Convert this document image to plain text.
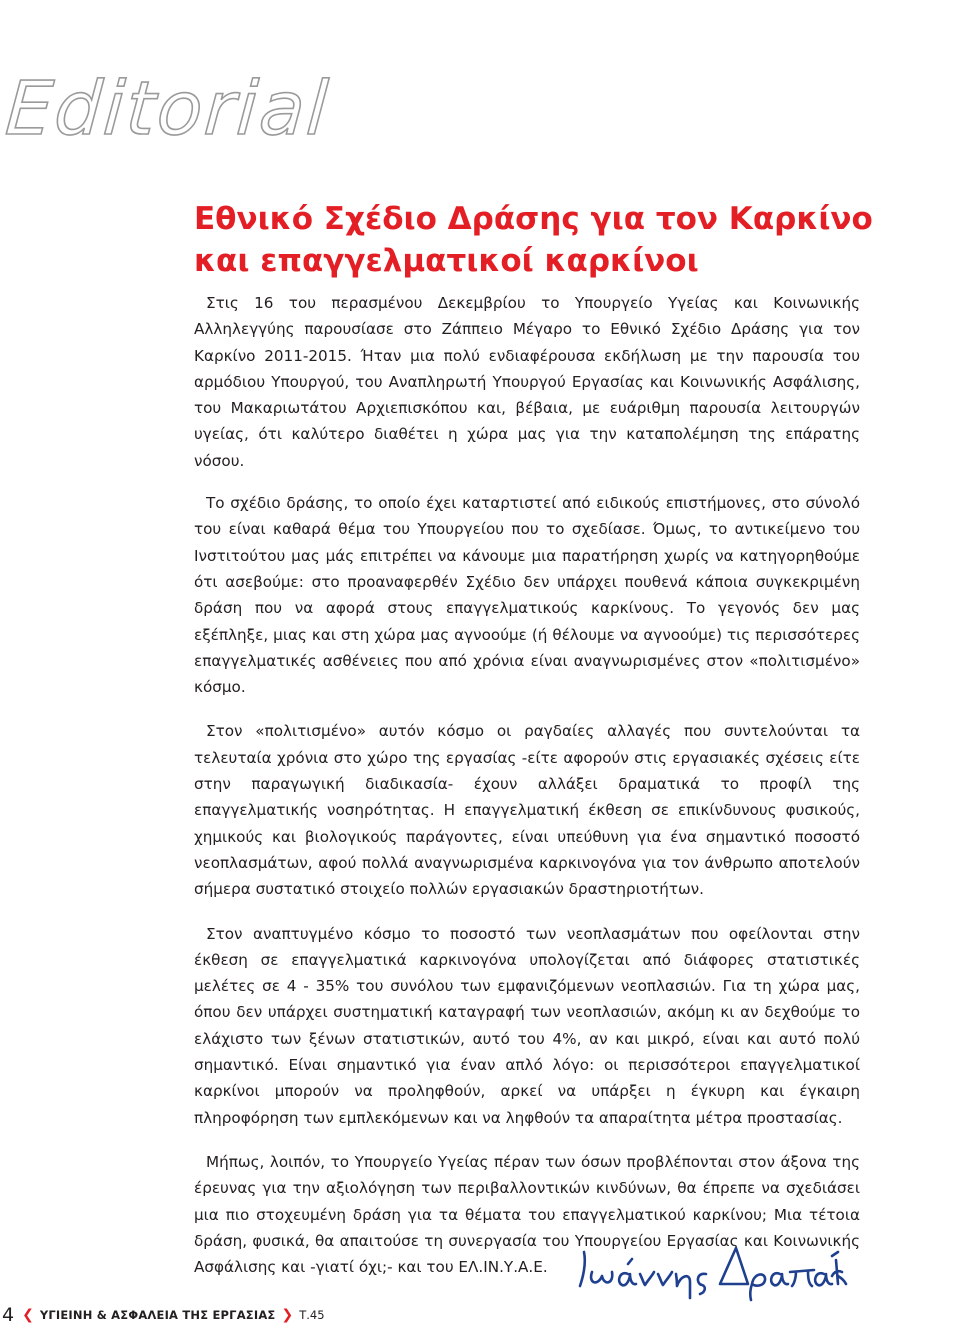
Editorial
Εθνικό Σχέδιο Δράσης για τον Καρκίνο
και επαγγελματικοί καρκίνοι

Στις 16 του περασμένου Δεκεμβρίου το Υπουργείο Υγείας και Κοινωνικής Αλληλεγγύης παρουσίασε στο Ζάππειο Μέγαρο το Εθνικό Σχέδιο Δράσης για τον Καρκίνο 2011-2015. Ήταν μια πολύ ενδιαφέρουσα εκδήλωση με την παρουσία του αρμόδιου Υπουργού, του Αναπληρωτή Υπουργού Εργασίας και Κοινωνικής Ασφάλισης, του Μακαριωτάτου Αρχιεπισκόπου και, βέβαια, με ευάριθμη παρουσία λειτουργών υγείας, ότι καλύτερο διαθέτει η χώρα μας για την καταπολέμηση της επάρατης νόσου.

Το σχέδιο δράσης, το οποίο έχει καταρτιστεί από ειδικούς επιστήμονες, στο σύνολό του είναι καθαρά θέμα του Υπουργείου που το σχεδίασε. Όμως, το αντικείμενο του Ινστιτούτου μας μάς επιτρέπει να κάνουμε μια παρατήρηση χωρίς να κατηγορηθούμε ότι ασεβούμε: στο προαναφερθέν Σχέδιο δεν υπάρχει πουθενά κάποια συγκεκριμένη δράση που να αφορά στους επαγγελματικούς καρκίνους. Το γεγονός δεν μας εξέπληξε, μιας και στη χώρα μας αγνοούμε (ή θέλουμε να αγνοούμε) τις περισσότερες επαγγελματικές ασθένειες που από χρόνια είναι αναγνωρισμένες στον «πολιτισμένο» κόσμο.

Στον «πολιτισμένο» αυτόν κόσμο οι ραγδαίες αλλαγές που συντελούνται τα τελευταία χρόνια στο χώρο της εργασίας -είτε αφορούν στις εργασιακές σχέσεις είτε στην παραγωγική διαδικασία- έχουν αλλάξει δραματικά το προφίλ της επαγγελματικής νοσηρότητας. Η επαγγελματική έκθεση σε επικίνδυνους φυσικούς, χημικούς και βιολογικούς παράγοντες, είναι υπεύθυνη για ένα σημαντικό ποσοστό νεοπλασμάτων, αφού πολλά αναγνωρισμένα καρκινογόνα για τον άνθρωπο αποτελούν σήμερα συστατικό στοιχείο πολλών εργασιακών δραστηριοτήτων.

Στον αναπτυγμένο κόσμο το ποσοστό των νεοπλασμάτων που οφείλονται στην έκθεση σε επαγγελματικά καρκινογόνα υπολογίζεται από διάφορες στατιστικές μελέτες σε 4 - 35% του συνόλου των εμφανιζόμενων νεοπλασιών. Για τη χώρα μας, όπου δεν υπάρχει συστηματική καταγραφή των νεοπλασιών, ακόμη κι αν δεχθούμε το ελάχιστο των ξένων στατιστικών, αυτό του 4%, αν και μικρό, είναι και αυτό πολύ σημαντικό. Είναι σημαντικό για έναν απλό λόγο: οι περισσότεροι επαγγελματικοί καρκίνοι μπορούν να προληφθούν, αρκεί να υπάρξει η έγκυρη και έγκαιρη πληροφόρηση των εμπλεκόμενων και να ληφθούν τα απαραίτητα μέτρα προστασίας.

Μήπως, λοιπόν, το Υπουργείο Υγείας πέραν των όσων προβλέπονται στον άξονα της έρευνας για την αξιολόγηση των περιβαλλοντικών κινδύνων, θα έπρεπε να σχεδιάσει μια πιο στοχευμένη δράση για τα θέματα του επαγγελματικού καρκίνου; Μια τέτοια δράση, φυσικά, θα απαιτούσε τη συνεργασία του Υπουργείου Εργασίας και Κοινωνικής Ασφάλισης και -γιατί όχι;- και του ΕΛ.ΙΝ.Υ.Α.Ε.

4 ❮ ΥΓΙΕΙΝΗ & ΑΣΦΑΛΕΙΑ ΤΗΣ ΕΡΓΑΣΙΑΣ ❯ Τ.45
